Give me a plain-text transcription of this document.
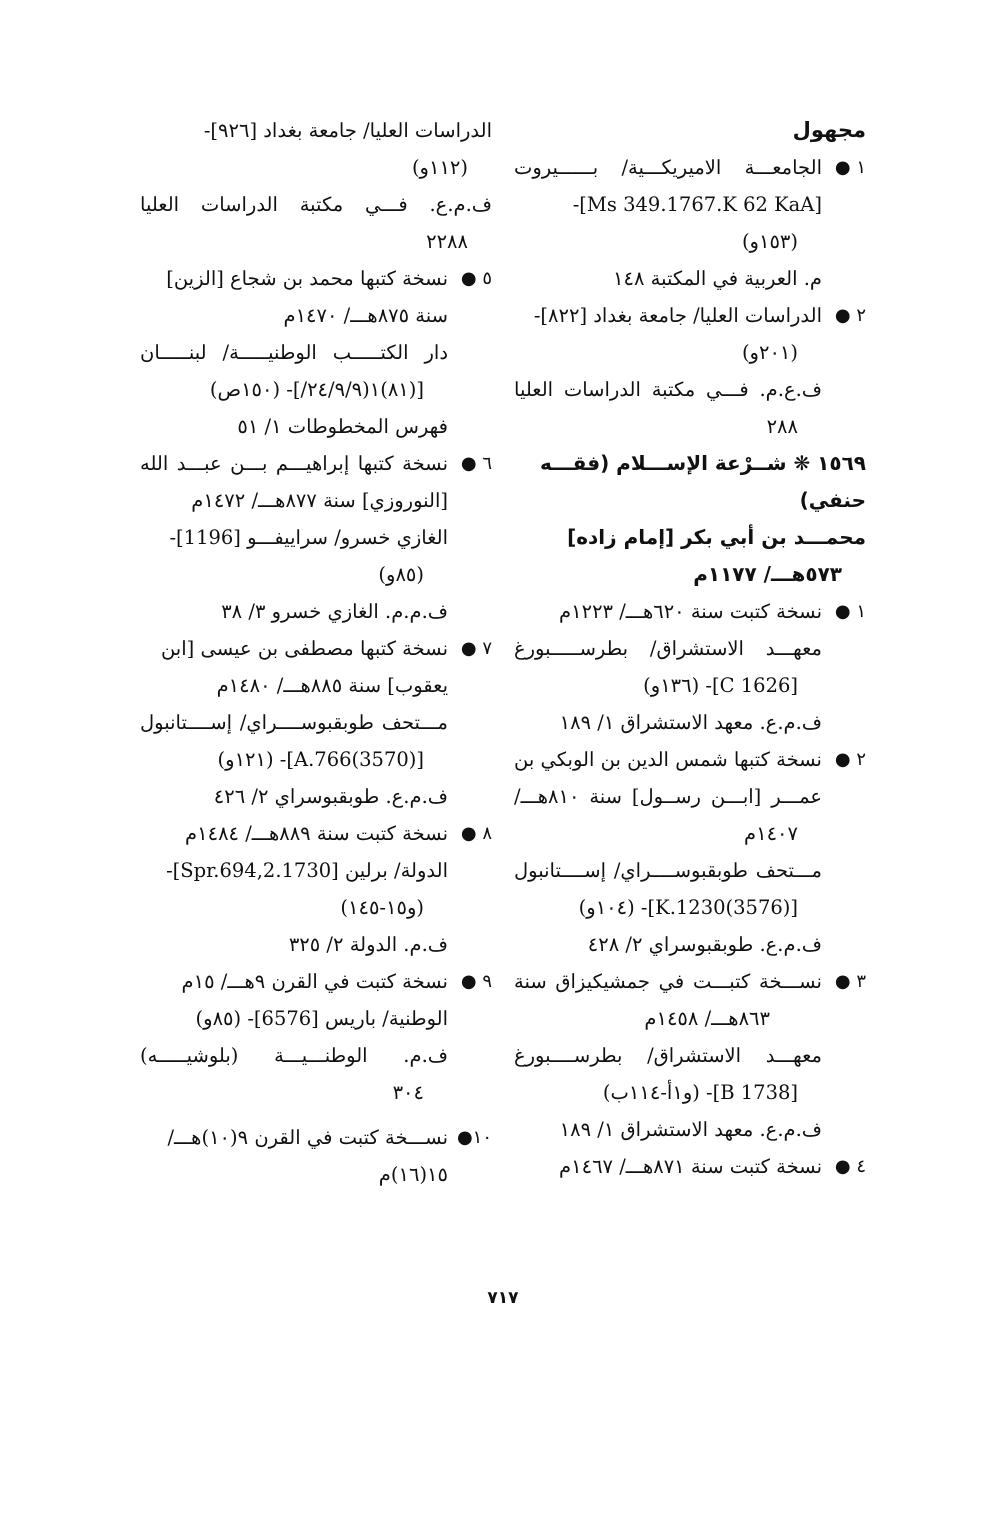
مجهول
١ ●
الجامعـــة الاميريكـــية/ بــــــيروت
[Ms 349.1767.K 62 KaA]-
(١٥٣و)
م. العربية في المكتبة ١٤٨
٢ ●
الدراسات العليا/ جامعة بغداد [٨٢٢]-
(٢٠١و)
ف.ع.م. فـــي مكتبة الدراسات العليا
٢٨٨
١٥٦٩ ❋ شــرْعة الإســـلام (فقـــه
حنفي)
محمـــد بن أبي بكر [إمام زاده]
٥٧٣هـــ/ ١١٧٧م
١ ●
نسخة كتبت سنة ٦٢٠هـــ/ ١٢٢٣م
معهـــد الاستشراق/ بطرســـــبورغ
[C 1626]- (١٣٦و)
ف.م.ع. معهد الاستشراق ١/ ١٨٩
٢ ●
نسخة كتبها شمس الدين بن الوبكي بن
عمـــر [ابـــن رســول] سنة ٨١٠هـــ/
١٤٠٧م
مـــتحف طوبقبوســــراي/ إســــتانبول
[(3576)K.1230]- (١٠٤و)
ف.م.ع. طوبقبوسراي ٢/ ٤٢٨
٣ ●
نســـخة كتبـــت في جمشيكيزاق سنة
٨٦٣هـــ/ ١٤٥٨م
معهـــد الاستشراق/ بطرســــبورغ
[B 1738]- (و١أ-١١٤ب)
ف.م.ع. معهد الاستشراق ١/ ١٨٩
٤ ●
نسخة كتبت سنة ٨٧١هـــ/ ١٤٦٧م
الدراسات العليا/ جامعة بغداد [٩٢٦]-
(١١٢و)
ف.م.ع. فـــي مكتبة الدراسات العليا
٢٢٨٨
٥ ●
نسخة كتبها محمد بن شجاع [الزين]
سنة ٨٧٥هـــ/ ١٤٧٠م
دار الكتـــــب الوطنيـــــة/ لبنـــــان
[(٨١)١(٢٤/٩/٩/]- (١٥٠ص)
فهرس المخطوطات ١/ ٥١
٦ ●
نسخة كتبها إبراهيـــم بـــن عبـــد الله
[النوروزي] سنة ٨٧٧هـــ/ ١٤٧٢م
الغازي خسرو/ سراييفـــو [1196]-
(٨٥و)
ف.م.م. الغازي خسرو ٣/ ٣٨
٧ ●
نسخة كتبها مصطفى بن عيسى [ابن
يعقوب] سنة ٨٨٥هـــ/ ١٤٨٠م
مـــتحف طوبقبوســــراي/ إســــتانبول
[(3570)A.766]- (١٢١و)
ف.م.ع. طوبقبوسراي ٢/ ٤٢٦
٨ ●
نسخة كتبت سنة ٨٨٩هـــ/ ١٤٨٤م
الدولة/ برلين [1730.Spr.694,2]-
(و١٥-١٤٥)
ف.م. الدولة ٢/ ٣٢٥
٩ ●
نسخة كتبت في القرن ٩هـــ/ ١٥م
الوطنية/ باريس [6576]- (٨٥و)
ف.م. الوطنـــيـــة (بلوشيـــــه)
٣٠٤
١٠●
نســـخة كتبت في القرن ٩(١٠)هـــ/
١٥(١٦)م
٧١٧
